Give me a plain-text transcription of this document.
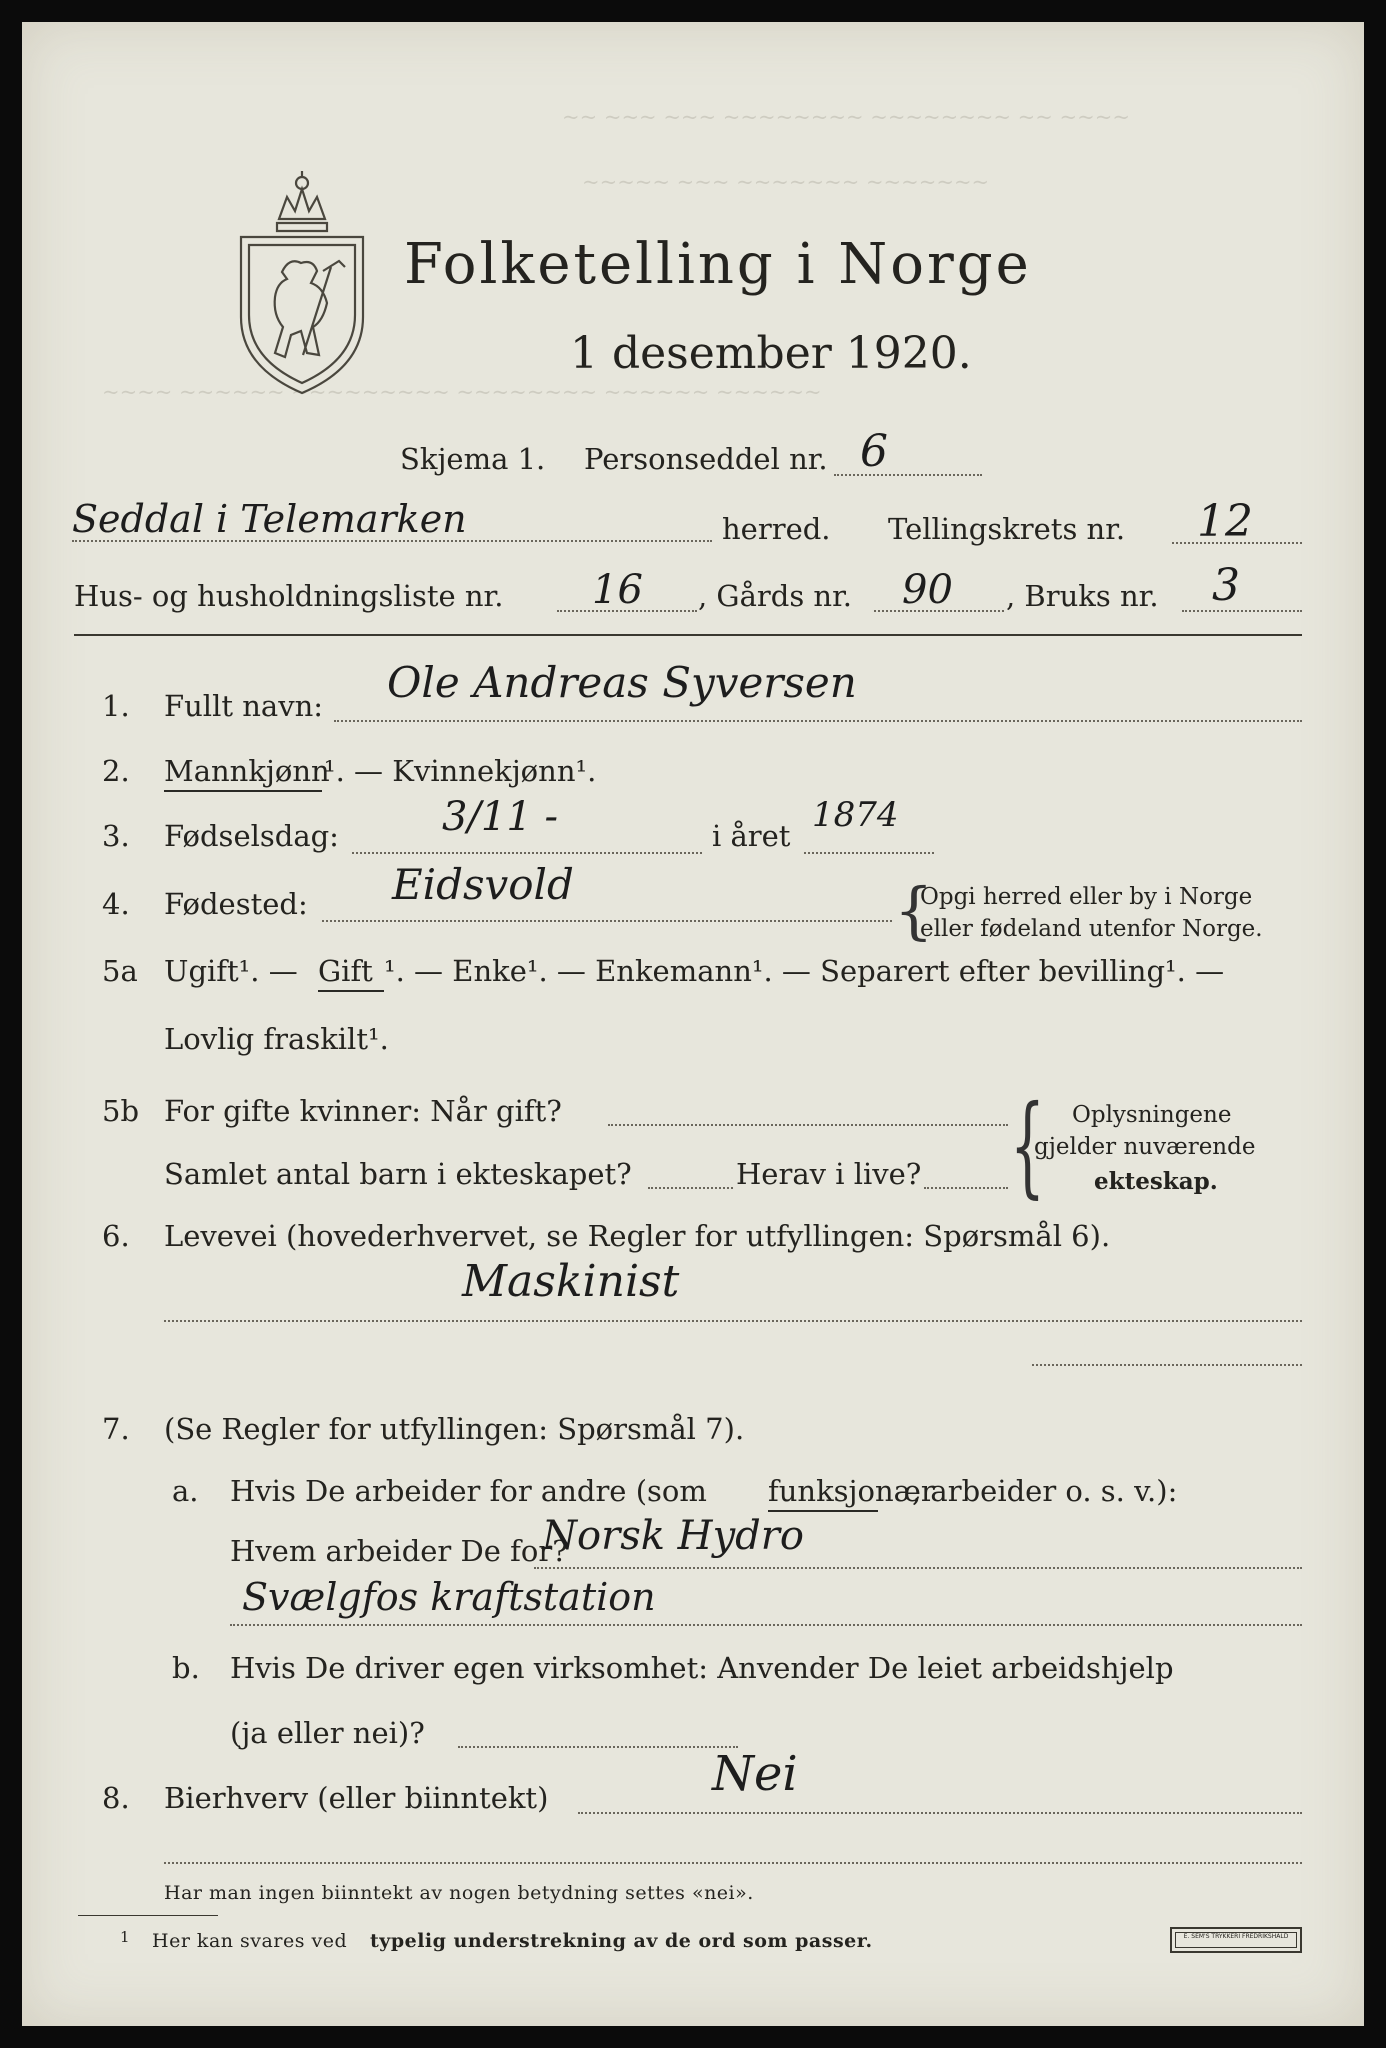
~~ ~~~ ~~~ ~~~~~~~~ ~~~~~~~~ ~~ ~~~~
~~~~~ ~~~ ~~~~~~~ ~~~~~~~
~~~~ ~~~~~~ ~~~~~~~~~ ~~~~~~~~ ~~~~~~ ~~~~~~
Folketelling i Norge
1 desember 1920.
Skjema 1. Personseddel nr. 6
Seddal i Telemarken	herred. Tellingskrets nr. 12
Hus- og husholdningsliste nr. 16 , Gårds nr. 90 , Bruks nr. 3
1. Fullt navn: Ole Andreas Syversen
2. Mannkjønn
¹. — Kvinnekjønn¹.
3. Fødselsdag:	3/11 -	i året
1874
4. Fødested: Eidsvold	{
Opgi herred eller by i Norge
eller fødeland utenfor Norge.
5a Ugift¹. — Gift ¹. — Enke¹. — Enkemann¹. — Separert efter bevilling¹. —
Lovlig fraskilt¹.
5b For gifte kvinner: Når gift?
Samlet antal barn i ekteskapet?	Herav i live? { Oplysningene
gjelder nuværende
ekteskap.
6. Levevei (hovederhvervet, se Regler for utfyllingen: Spørsmål 6).
Maskinist
7. (Se Regler for utfyllingen: Spørsmål 7).
a. Hvis De arbeider for andre (som funksjonær
, arbeider o. s. v.):
Hvem arbeider De for?
Norsk Hydro
Svælgfos kraftstation
b. Hvis De driver egen virksomhet: Anvender De leiet arbeidshjelp
(ja eller nei)?
8. Bierhverv (eller biinntekt)	Nei
Har man ingen biinntekt av nogen betydning settes «nei».
1 Her kan svares ved typelig understrekning av de ord som passer.	E. SEM'S TRYKKERI FREDRIKSHALD
